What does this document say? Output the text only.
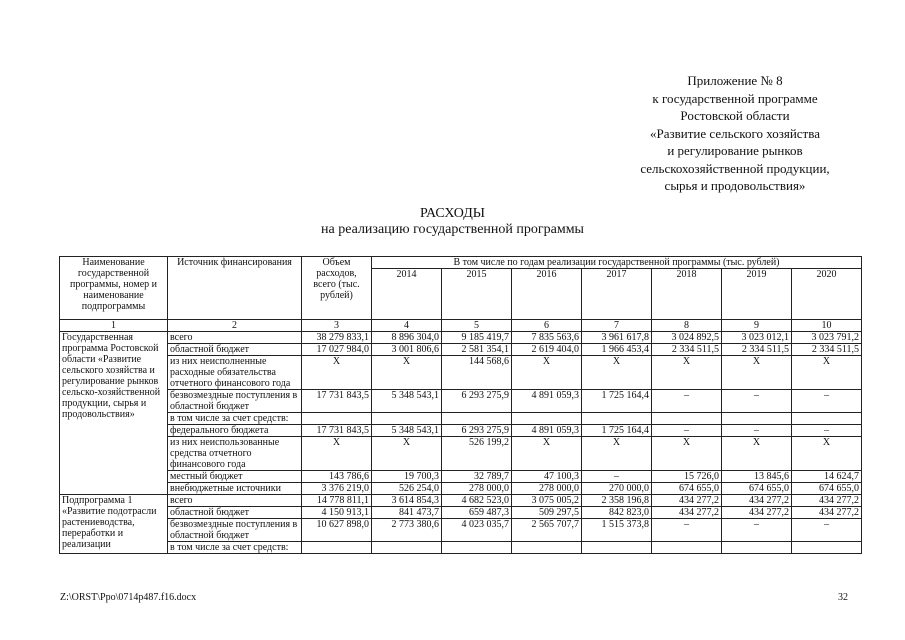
Приложение № 8
к государственной программе
Ростовской области
«Развитие сельского хозяйства
и регулирование рынков
сельскохозяйственной продукции,
сырья и продовольствия»
РАСХОДЫ
на реализацию государственной программы
Наименование государственной программы, номер и наименование подпрограммы	Источник финансирования	Объем расходов, всего (тыс. рублей)	В том числе по годам реализации государственной программы (тыс. рублей)						
			2014	2015	2016	2017	2018	2019	2020
1	2	3	4	5	6	7	8	9	10
Государственная программа Ростовской области «Развитие сельского хозяйства и регулирование рынков сельско-хозяйственной продукции, сырья и продовольствия»	всего	38 279 833,1	8 896 304,0	9 185 419,7	7 835 563,6	3 961 617,8	3 024 892,5	3 023 012,1	3 023 791,2
	областной бюджет	17 027 984,0	3 001 806,6	2 581 354,1	2 619 404,0	1 966 453,4	2 334 511,5	2 334 511,5	2 334 511,5
	из них неисполненные расходные обязательства отчетного финансового года	Х	Х	144 568,6	Х	Х	Х	Х	Х
	безвозмездные поступления в областной бюджет	17 731 843,5	5 348 543,1	6 293 275,9	4 891 059,3	1 725 164,4	–	–	–
	в том числе за счет средств:								
	федерального бюджета	17 731 843,5	5 348 543,1	6 293 275,9	4 891 059,3	1 725 164,4	–	–	–
	из них неиспользованные средства отчетного финансового года	Х	Х	526 199,2	Х	Х	Х	Х	Х
	местный бюджет	143 786,6	19 700,3	32 789,7	47 100,3	–	15 726,0	13 845,6	14 624,7
	внебюджетные источники	3 376 219,0	526 254,0	278 000,0	278 000,0	270 000,0	674 655,0	674 655,0	674 655,0
Подпрограмма 1 «Развитие подотрасли растениеводства, переработки и реализации	всего	14 778 811,1	3 614 854,3	4 682 523,0	3 075 005,2	2 358 196,8	434 277,2	434 277,2	434 277,2
	областной бюджет	4 150 913,1	841 473,7	659 487,3	509 297,5	842 823,0	434 277,2	434 277,2	434 277,2
	безвозмездные поступления в областной бюджет	10 627 898,0	2 773 380,6	4 023 035,7	2 565 707,7	1 515 373,8	–	–	–
	в том числе за счет средств:								
Z:\ORST\Ppo\0714p487.f16.docx	32
